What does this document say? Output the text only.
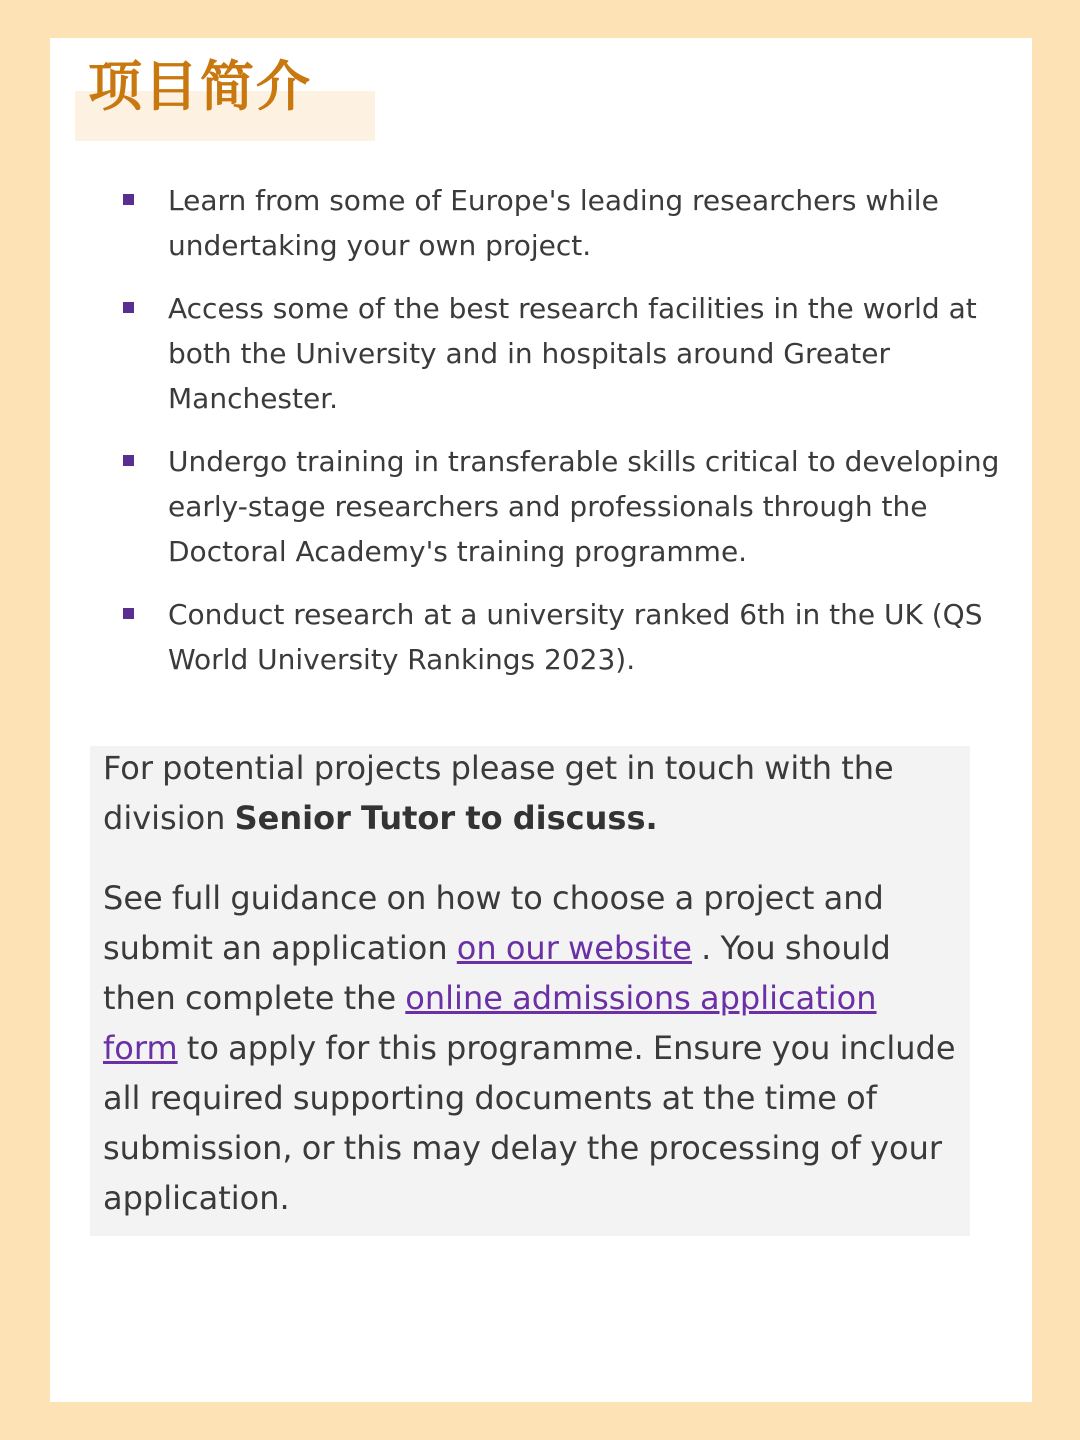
项目简介
Learn from some of Europe's leading researchers while undertaking your own project.
Access some of the best research facilities in the world at both the University and in hospitals around Greater Manchester.
Undergo training in transferable skills critical to developing early-stage researchers and professionals through the Doctoral Academy's training programme.
Conduct research at a university ranked 6th in the UK (QS World University Rankings 2023).

For potential projects please get in touch with the division Senior Tutor to discuss.

See full guidance on how to choose a project and submit an application on our website . You should then complete the online admissions application form to apply for this programme. Ensure you include all required supporting documents at the time of submission, or this may delay the processing of your application.
